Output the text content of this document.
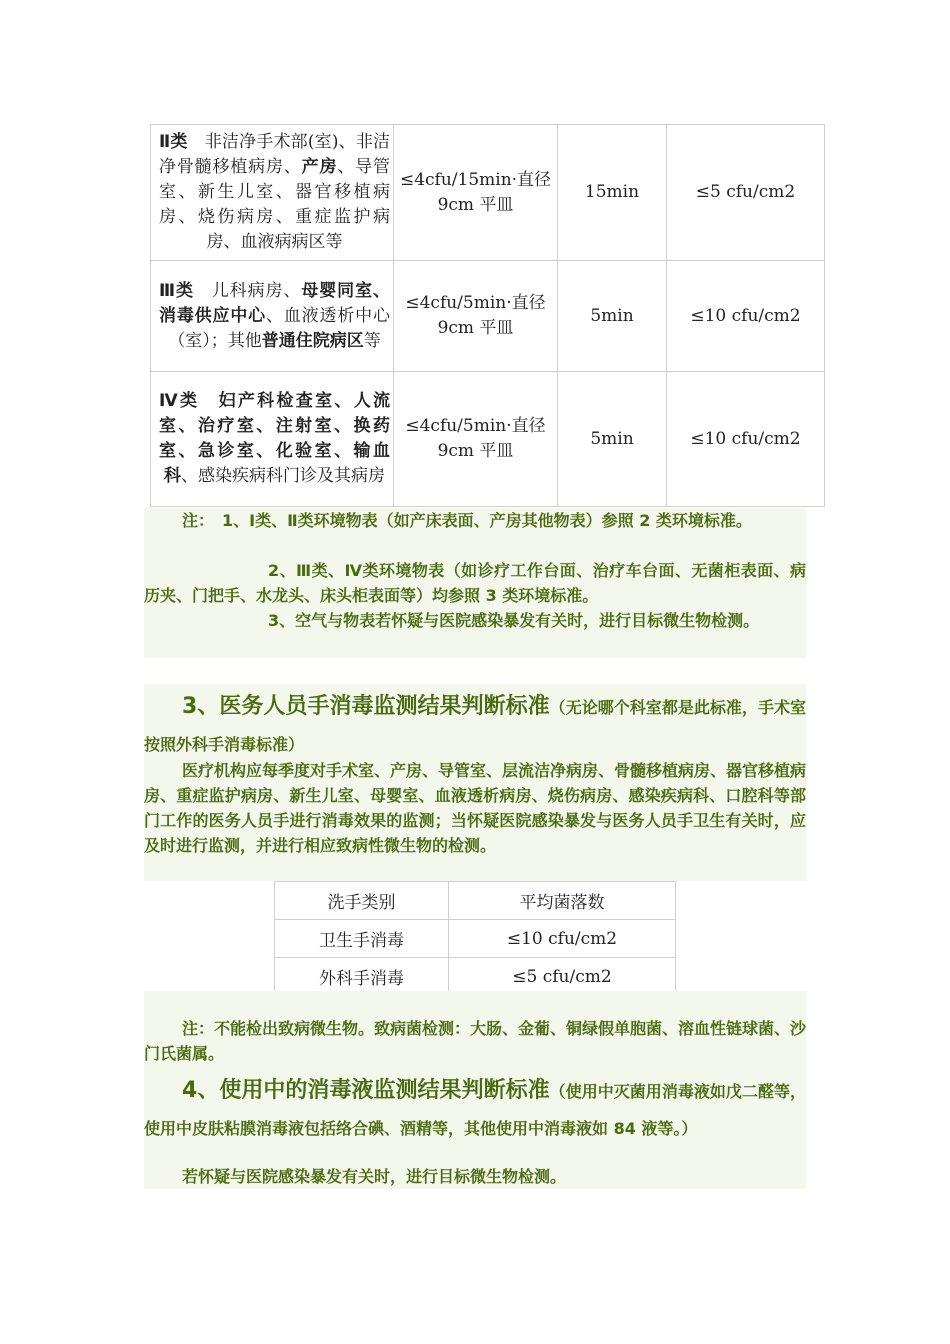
Ⅱ类　非洁净手术部(室)、非洁净骨髓移植病房、产房、导管室、新生儿室、器官移植病房、烧伤病房、重症监护病房、血液病病区等	≤4cfu/15min·直径 9cm 平皿	15min	≤5 cfu/cm2
Ⅲ类　儿科病房、母婴同室、消毒供应中心、血液透析中心（室）；其他普通住院病区等	≤4cfu/5min·直径 9cm 平皿	5min	≤10 cfu/cm2
Ⅳ类　妇产科检查室、人流室、治疗室、注射室、换药室、急诊室、化验室、输血科、感染疾病科门诊及其病房	≤4cfu/5min·直径 9cm 平皿	5min	≤10 cfu/cm2

注：　1、Ⅰ类、Ⅱ类环境物表（如产床表面、产房其他物表）参照 2 类环境标准。

2、Ⅲ类、Ⅳ类环境物表（如诊疗工作台面、治疗车台面、无菌柜表面、病历夹、门把手、水龙头、床头柜表面等）均参照 3 类环境标准。

3、空气与物表若怀疑与医院感染暴发有关时，进行目标微生物检测。

3、医务人员手消毒监测结果判断标准（无论哪个科室都是此标准，手术室按照外科手消毒标准）

医疗机构应每季度对手术室、产房、导管室、层流洁净病房、骨髓移植病房、器官移植病房、重症监护病房、新生儿室、母婴室、血液透析病房、烧伤病房、感染疾病科、口腔科等部门工作的医务人员手进行消毒效果的监测；当怀疑医院感染暴发与医务人员手卫生有关时，应及时进行监测，并进行相应致病性微生物的检测。

洗手类别	平均菌落数
卫生手消毒	≤10 cfu/cm2
外科手消毒	≤5 cfu/cm2

注：不能检出致病微生物。致病菌检测：大肠、金葡、铜绿假单胞菌、溶血性链球菌、沙门氏菌属。

4、使用中的消毒液监测结果判断标准（使用中灭菌用消毒液如戊二醛等，使用中皮肤粘膜消毒液包括络合碘、酒精等，其他使用中消毒液如 84 液等。）

若怀疑与医院感染暴发有关时，进行目标微生物检测。
